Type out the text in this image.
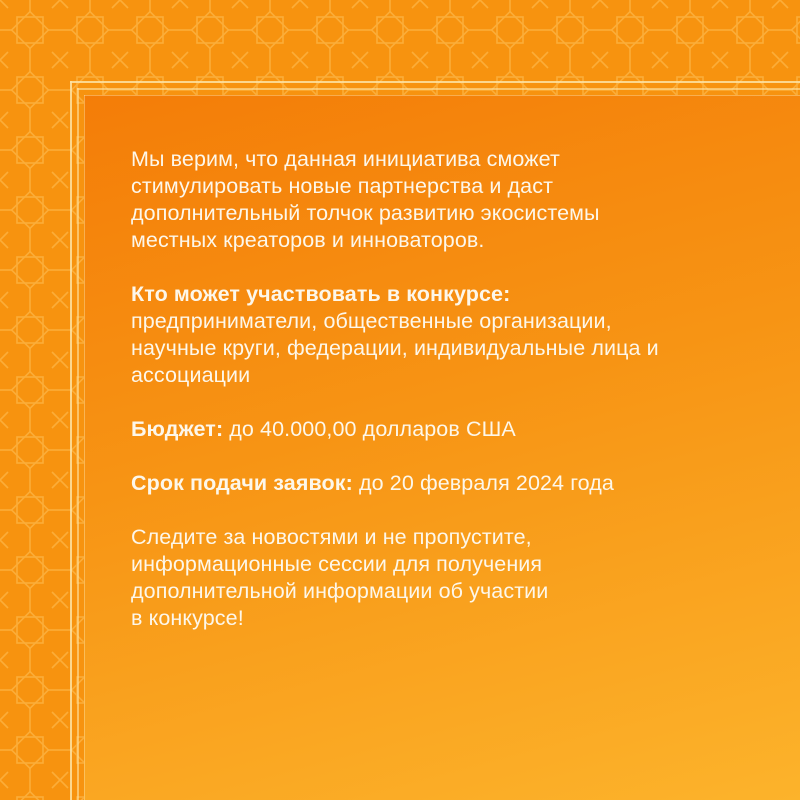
Мы верим, что данная инициатива сможет
стимулировать новые партнерства и даст
дополнительный толчок развитию экосистемы
местных креаторов и инноваторов.

Кто может участвовать в конкурсе:
предприниматели, общественные организации,
научные круги, федерации, индивидуальные лица и
ассоциации

Бюджет: до 40.000,00 долларов США

Срок подачи заявок: до 20 февраля 2024 года

Следите за новостями и не пропустите,
информационные сессии для получения
дополнительной информации об участии
в конкурсе!
